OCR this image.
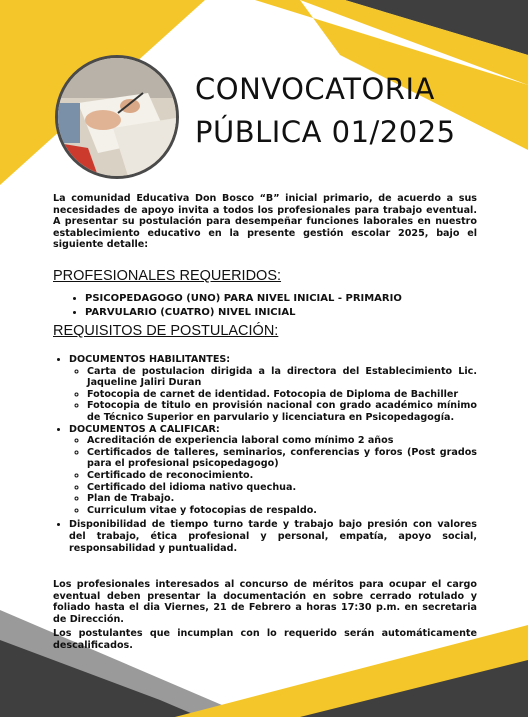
CONVOCATORIA
PÚBLICA 01/2025
La comunidad Educativa Don Bosco “B” inicial primario, de acuerdo a sus necesidades de apoyo invita a todos los profesionales para trabajo eventual. A presentar su postulación para desempeñar funciones laborales en nuestro establecimiento educativo en la presente gestión escolar 2025, bajo el siguiente detalle:
PROFESIONALES REQUERIDOS:
• PSICOPEDAGOGO (UNO) PARA NIVEL INICIAL - PRIMARIO
• PARVULARIO (CUATRO) NIVEL INICIAL
REQUISITOS DE POSTULACIÓN:
• DOCUMENTOS HABILITANTES:
◦ Carta de postulacion dirigida a la directora del Establecimiento Lic. Jaqueline Jaliri Duran
◦ Fotocopia de carnet de identidad. Fotocopia de Diploma de Bachiller
◦ Fotocopia de titulo en provisión nacional con grado académico mínimo de Técnico Superior en parvulario y licenciatura en Psicopedagogía.
• DOCUMENTOS A CALIFICAR:
◦ Acreditación de experiencia laboral como mínimo 2 años
◦ Certificados de talleres, seminarios, conferencias y foros (Post grados para el profesional psicopedagogo)
◦ Certificado de reconocimiento.
◦ Certificado del idioma nativo quechua.
◦ Plan de Trabajo.
◦ Curriculum vitae y fotocopias de respaldo.
• Disponibilidad de tiempo turno tarde y trabajo bajo presión con valores del trabajo, ética profesional y personal, empatía, apoyo social, responsabilidad y puntualidad.
Los profesionales interesados al concurso de méritos para ocupar el cargo eventual deben presentar la documentación en sobre cerrado rotulado y foliado hasta el dia Viernes, 21 de Febrero a horas 17:30 p.m. en secretaria de Dirección.
Los postulantes que incumplan con lo requerido serán automáticamente descalificados.
